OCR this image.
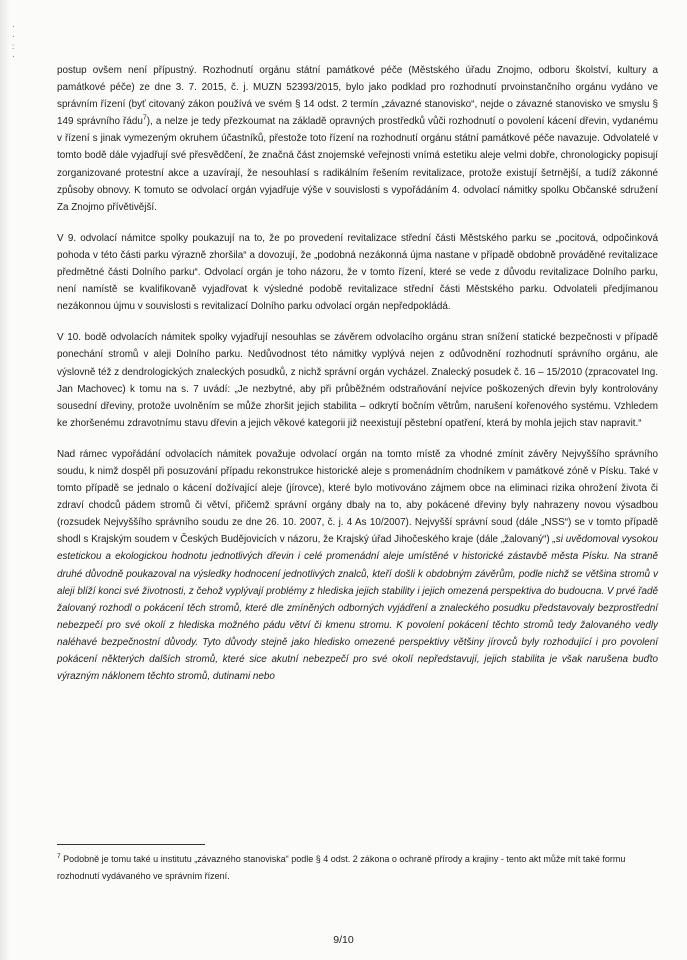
·
·
:
·

postup ovšem není přípustný. Rozhodnutí orgánu státní památkové péče (Městského úřadu Znojmo, odboru školství, kultury a památkové péče) ze dne 3. 7. 2015, č. j. MUZN 52393/2015, bylo jako podklad pro rozhodnutí prvoinstančního orgánu vydáno ve správním řízení (byť citovaný zákon používá ve svém § 14 odst. 2 termín „závazné stanovisko“, nejde o závazné stanovisko ve smyslu § 149 správního řádu$^7$), a nelze je tedy přezkoumat na základě opravných prostředků vůči rozhodnutí o povolení kácení dřevin, vydanému v řízení s jinak vymezeným okruhem účastníků, přestože toto řízení na rozhodnutí orgánu státní památkové péče navazuje. Odvolatelé v tomto bodě dále vyjadřují své přesvědčení, že značná část znojemské veřejnosti vnímá estetiku aleje velmi dobře, chronologicky popisují zorganizované protestní akce a uzavírají, že nesouhlasí s radikálním řešením revitalizace, protože existují šetrnější, a tudíž zákonné způsoby obnovy. K tomuto se odvolací orgán vyjadřuje výše v souvislosti s vypořádáním 4. odvolací námitky spolku Občanské sdružení Za Znojmo přívětivější.

V 9. odvolací námitce spolky poukazují na to, že po provedení revitalizace střední části Městského parku se „pocitová, odpočinková pohoda v této části parku výrazně zhoršila“ a dovozují, že „podobná nezákonná újma nastane v případě obdobně prováděné revitalizace předmětné části Dolního parku“. Odvolací orgán je toho názoru, že v tomto řízení, které se vede z důvodu revitalizace Dolního parku, není namístě se kvalifikovaně vyjadřovat k výsledné podobě revitalizace střední části Městského parku. Odvolateli předjímanou nezákonnou újmu v souvislosti s revitalizací Dolního parku odvolací orgán nepředpokládá.

V 10. bodě odvolacích námitek spolky vyjadřují nesouhlas se závěrem odvolacího orgánu stran snížení statické bezpečnosti v případě ponechání stromů v aleji Dolního parku. Nedůvodnost této námitky vyplývá nejen z odůvodnění rozhodnutí správního orgánu, ale výslovně též z dendrologických znaleckých posudků, z nichž správní orgán vycházel. Znalecký posudek č. 16 – 15/2010 (zpracovatel Ing. Jan Machovec) k tomu na s. 7 uvádí: „Je nezbytné, aby při průběžném odstraňování nejvíce poškozených dřevin byly kontrolovány sousední dřeviny, protože uvolněním se může zhoršit jejich stabilita – odkrytí bočním větrům, narušení kořenového systému. Vzhledem ke zhoršenému zdravotnímu stavu dřevin a jejich věkové kategorii již neexistují pěstební opatření, která by mohla jejich stav napravit.“

Nad rámec vypořádání odvolacích námitek považuje odvolací orgán na tomto místě za vhodné zmínit závěry Nejvyššího správního soudu, k nimž dospěl při posuzování případu rekonstrukce historické aleje s promenádním chodníkem v památkové zóně v Písku. Také v tomto případě se jednalo o kácení dožívající aleje (jírovce), které bylo motivováno zájmem obce na eliminaci rizika ohrožení života či zdraví chodců pádem stromů či větví, přičemž správní orgány dbaly na to, aby pokácené dřeviny byly nahrazeny novou výsadbou (rozsudek Nejvyššího správního soudu ze dne 26. 10. 2007, č. j. 4 As 10/2007). Nejvyšší správní soud (dále „NSS“) se v tomto případě shodl s Krajským soudem v Českých Budějovicích v názoru, že Krajský úřad Jihočeského kraje (dále „žalovaný“) „si uvědomoval vysokou estetickou a ekologickou hodnotu jednotlivých dřevin i celé promenádní aleje umístěné v historické zástavbě města Písku. Na straně druhé důvodně poukazoval na výsledky hodnocení jednotlivých znalců, kteří došli k obdobným závěrům, podle nichž se většina stromů v aleji blíží konci své životnosti, z čehož vyplývají problémy z hlediska jejich stability i jejich omezená perspektiva do budoucna. V prvé řadě žalovaný rozhodl o pokácení těch stromů, které dle zmíněných odborných vyjádření a znaleckého posudku představovaly bezprostřední nebezpečí pro své okolí z hlediska možného pádu větví či kmenu stromu. K povolení pokácení těchto stromů tedy žalovaného vedly naléhavé bezpečnostní důvody. Tyto důvody stejně jako hledisko omezené perspektivy většiny jírovců byly rozhodující i pro povolení pokácení některých dalších stromů, které sice akutní nebezpečí pro své okolí nepředstavují, jejich stabilita je však narušena buďto výrazným náklonem těchto stromů, dutinami nebo

$^7$ Podobně je tomu také u institutu „závazného stanoviska“ podle § 4 odst. 2 zákona o ochraně přírody a krajiny - tento akt může mít také formu rozhodnutí vydávaného ve správním řízení.

9/10
